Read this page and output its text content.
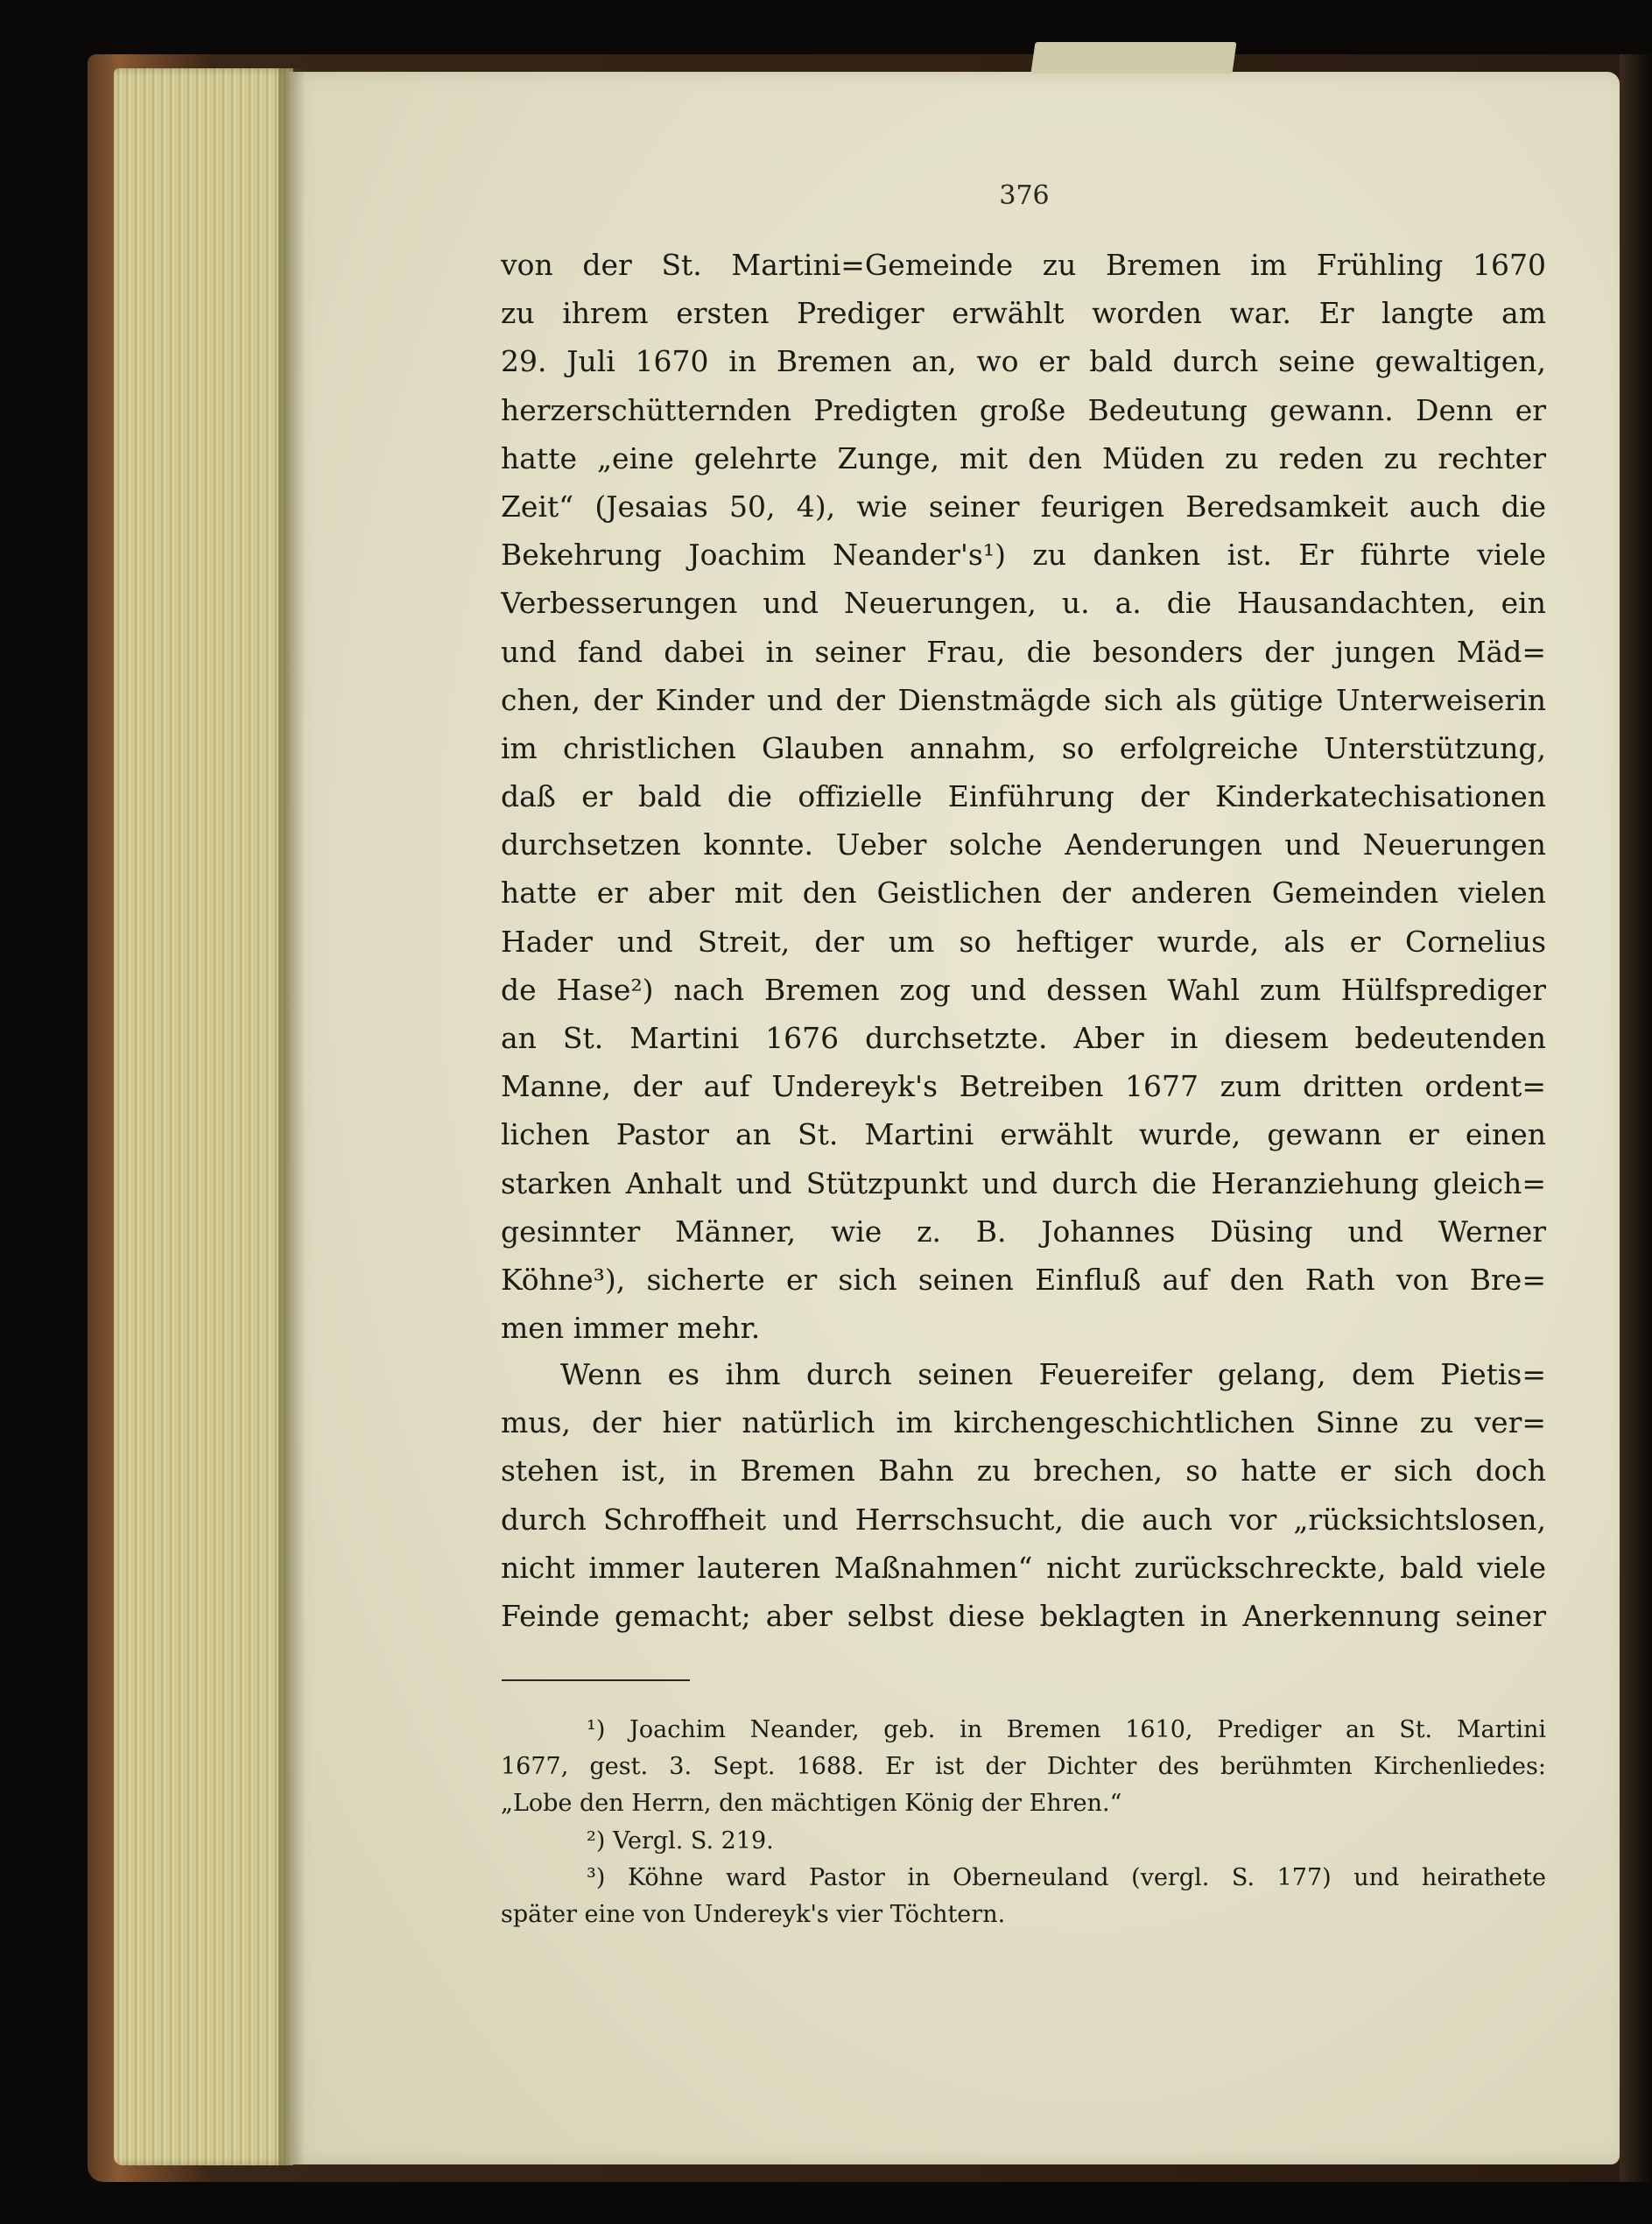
376

von der St. Martini=Gemeinde zu Bremen im Frühling 1670
zu ihrem ersten Prediger erwählt worden war. Er langte am
29. Juli 1670 in Bremen an, wo er bald durch seine gewaltigen,
herzerschütternden Predigten große Bedeutung gewann. Denn er
hatte „eine gelehrte Zunge, mit den Müden zu reden zu rechter
Zeit“ (Jesaias 50, 4), wie seiner feurigen Beredsamkeit auch die
Bekehrung Joachim Neander's¹) zu danken ist. Er führte viele
Verbesserungen und Neuerungen, u. a. die Hausandachten, ein
und fand dabei in seiner Frau, die besonders der jungen Mäd=
chen, der Kinder und der Dienstmägde sich als gütige Unterweiserin
im christlichen Glauben annahm, so erfolgreiche Unterstützung,
daß er bald die offizielle Einführung der Kinderkatechisationen
durchsetzen konnte. Ueber solche Aenderungen und Neuerungen
hatte er aber mit den Geistlichen der anderen Gemeinden vielen
Hader und Streit, der um so heftiger wurde, als er Cornelius
de Hase²) nach Bremen zog und dessen Wahl zum Hülfsprediger
an St. Martini 1676 durchsetzte. Aber in diesem bedeutenden
Manne, der auf Undereyk's Betreiben 1677 zum dritten ordent=
lichen Pastor an St. Martini erwählt wurde, gewann er einen
starken Anhalt und Stützpunkt und durch die Heranziehung gleich=
gesinnter Männer, wie z. B. Johannes Düsing und Werner
Köhne³), sicherte er sich seinen Einfluß auf den Rath von Bre=
men immer mehr.
Wenn es ihm durch seinen Feuereifer gelang, dem Pietis=
mus, der hier natürlich im kirchengeschichtlichen Sinne zu ver=
stehen ist, in Bremen Bahn zu brechen, so hatte er sich doch
durch Schroffheit und Herrschsucht, die auch vor „rücksichtslosen,
nicht immer lauteren Maßnahmen“ nicht zurückschreckte, bald viele
Feinde gemacht; aber selbst diese beklagten in Anerkennung seiner
¹) Joachim Neander, geb. in Bremen 1610, Prediger an St. Martini
1677, gest. 3. Sept. 1688. Er ist der Dichter des berühmten Kirchenliedes:
„Lobe den Herrn, den mächtigen König der Ehren.“
²) Vergl. S. 219.
³) Köhne ward Pastor in Oberneuland (vergl. S. 177) und heirathete
später eine von Undereyk's vier Töchtern.
